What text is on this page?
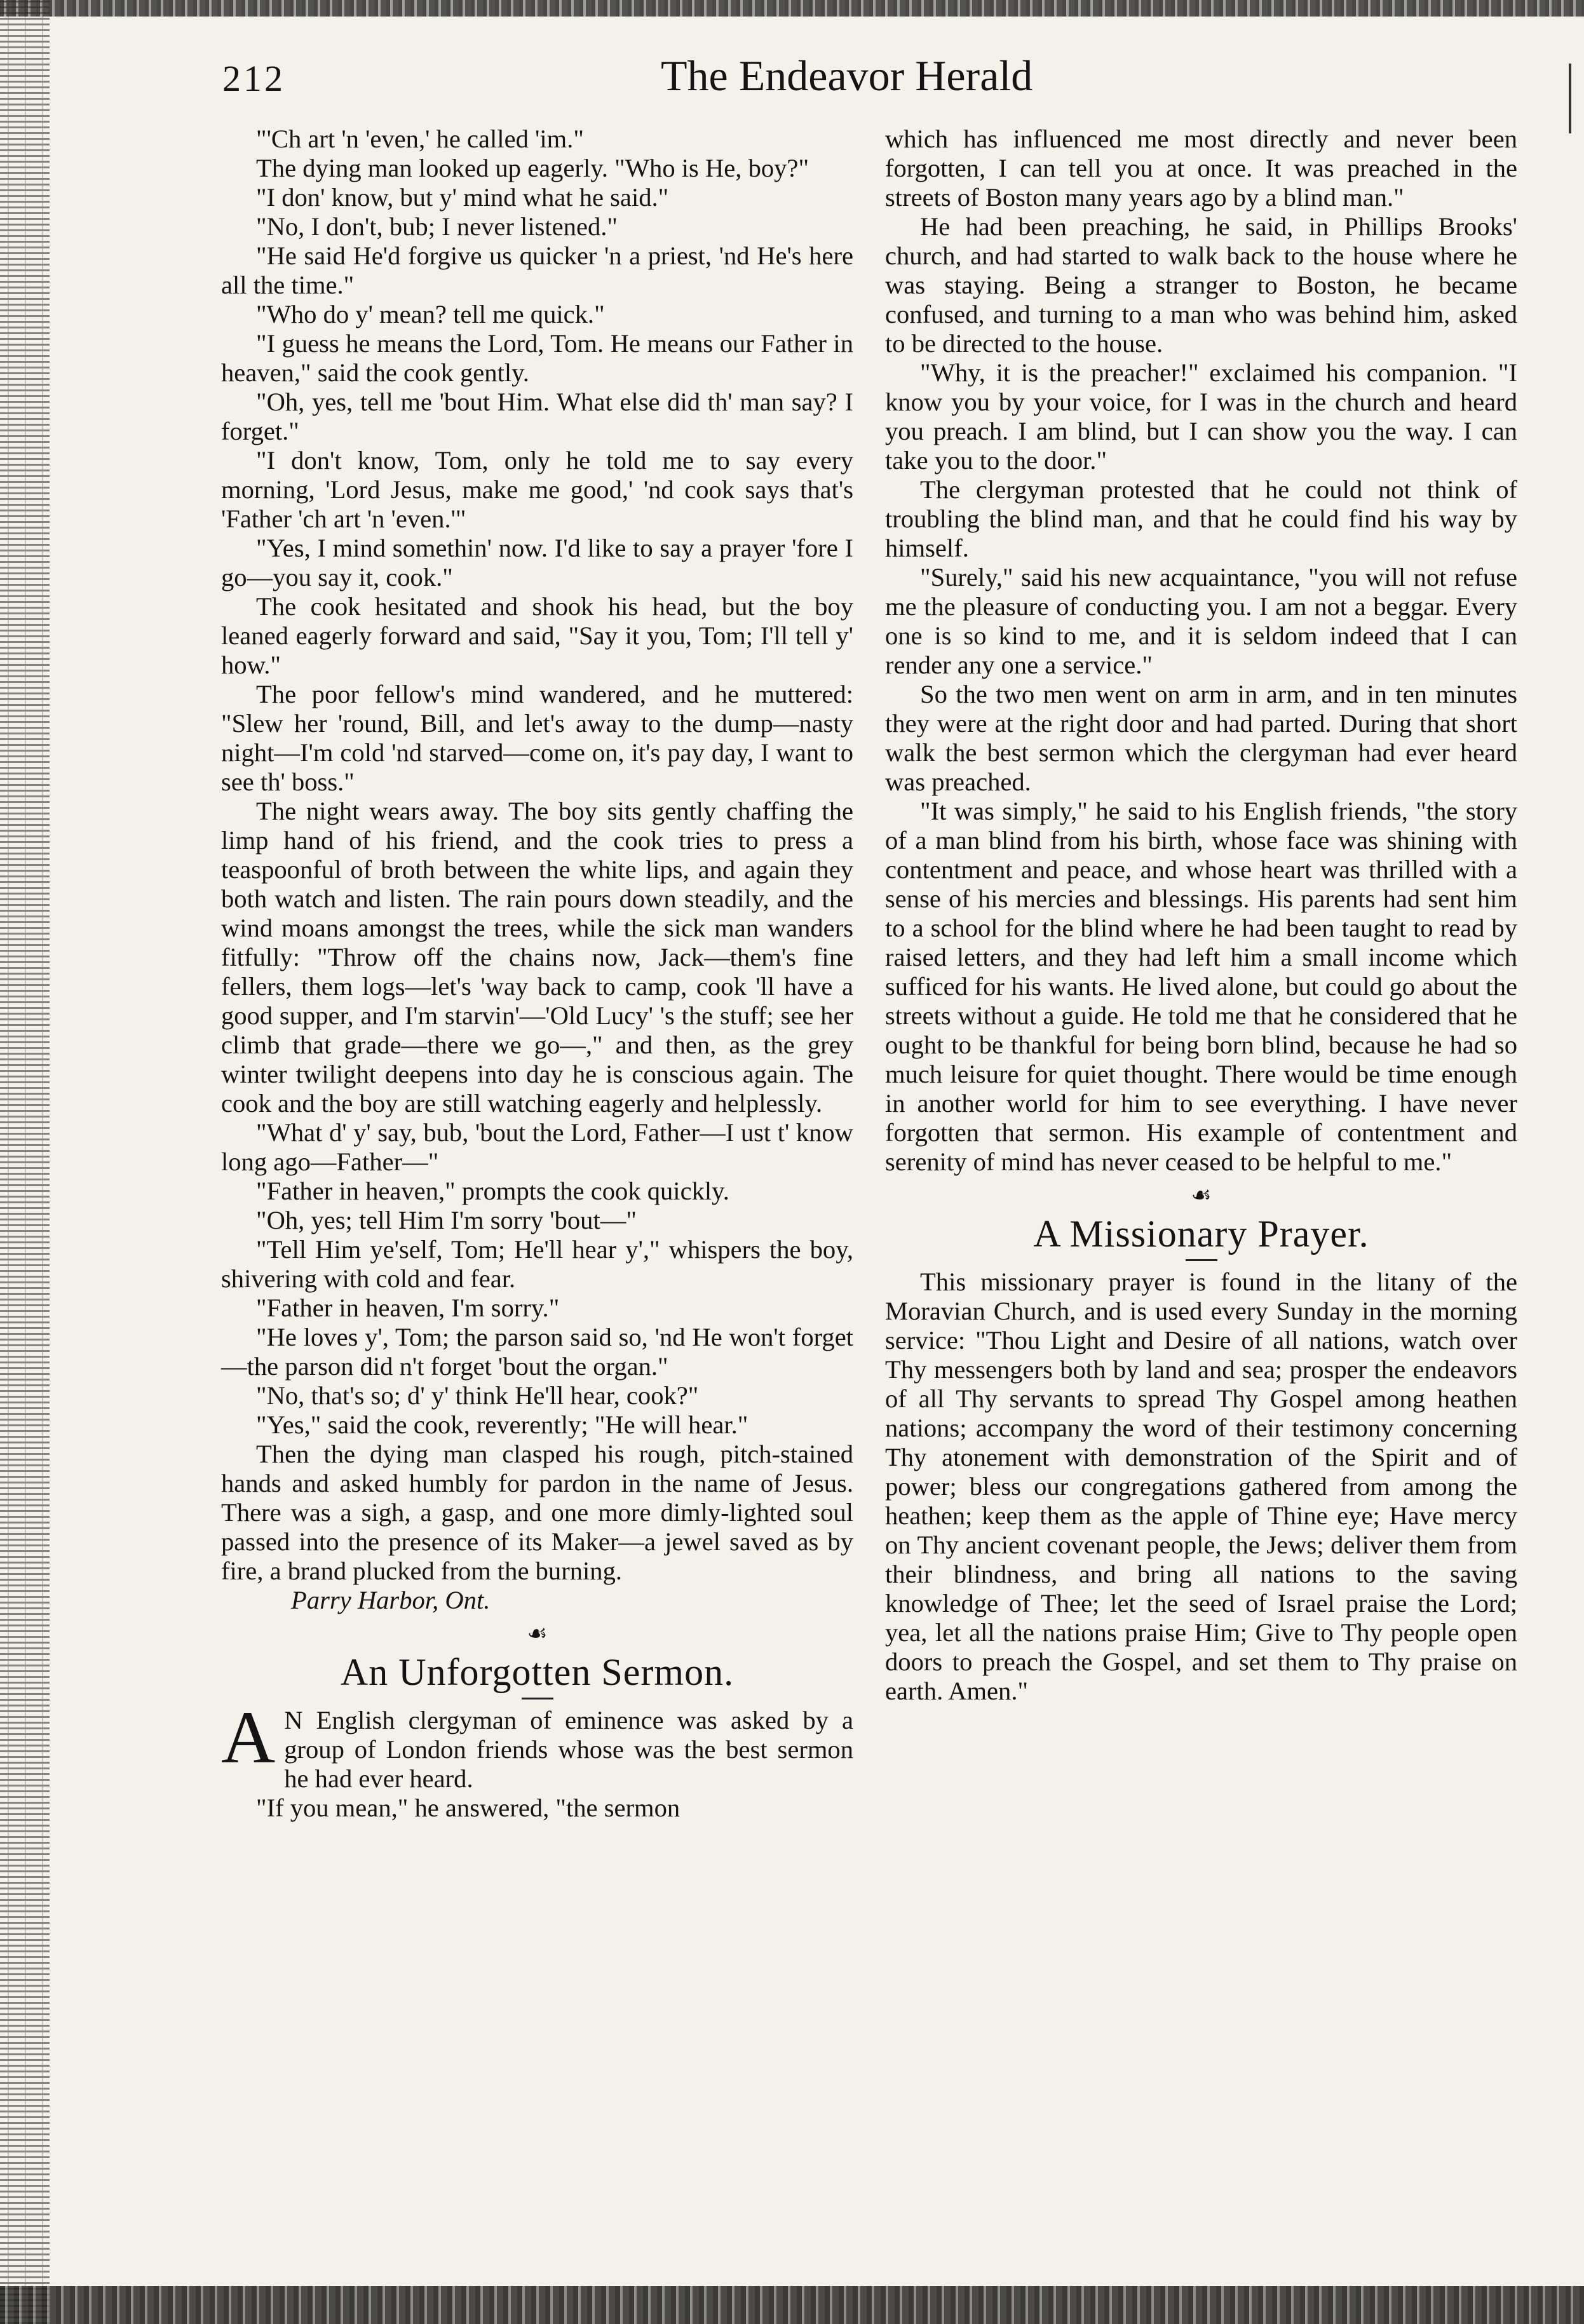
212	The Endeavor Herald

"'Ch art 'n 'even,' he called 'im."

The dying man looked up eagerly. "Who is He, boy?"

"I don' know, but y' mind what he said."

"No, I don't, bub; I never listened."

"He said He'd forgive us quicker 'n a priest, 'nd He's here all the time."

"Who do y' mean? tell me quick."

"I guess he means the Lord, Tom. He means our Father in heaven," said the cook gently.

"Oh, yes, tell me 'bout Him. What else did th' man say? I forget."

"I don't know, Tom, only he told me to say every morning, 'Lord Jesus, make me good,' 'nd cook says that's 'Father 'ch art 'n 'even.'"

"Yes, I mind somethin' now. I'd like to say a prayer 'fore I go—you say it, cook."

The cook hesitated and shook his head, but the boy leaned eagerly forward and said, "Say it you, Tom; I'll tell y' how."

The poor fellow's mind wandered, and he muttered: "Slew her 'round, Bill, and let's away to the dump—nasty night—I'm cold 'nd starved—come on, it's pay day, I want to see th' boss."

The night wears away. The boy sits gently chaffing the limp hand of his friend, and the cook tries to press a teaspoonful of broth between the white lips, and again they both watch and listen. The rain pours down steadily, and the wind moans amongst the trees, while the sick man wanders fitfully: "Throw off the chains now, Jack—them's fine fellers, them logs—let's 'way back to camp, cook 'll have a good supper, and I'm starvin'—'Old Lucy' 's the stuff; see her climb that grade—there we go—," and then, as the grey winter twilight deepens into day he is conscious again. The cook and the boy are still watching eagerly and helplessly.

"What d' y' say, bub, 'bout the Lord, Father—I ust t' know long ago—Father—"

"Father in heaven," prompts the cook quickly.

"Oh, yes; tell Him I'm sorry 'bout—"

"Tell Him ye'self, Tom; He'll hear y'," whispers the boy, shivering with cold and fear.

"Father in heaven, I'm sorry."

"He loves y', Tom; the parson said so, 'nd He won't forget—the parson did n't forget 'bout the organ."

"No, that's so; d' y' think He'll hear, cook?"

"Yes," said the cook, reverently; "He will hear."

Then the dying man clasped his rough, pitch-stained hands and asked humbly for pardon in the name of Jesus. There was a sigh, a gasp, and one more dimly-lighted soul passed into the presence of its Maker—a jewel saved as by fire, a brand plucked from the burning.

Parry Harbor, Ont.

☙
An Unforgotten Sermon.

A N English clergyman of eminence was asked by a group of London friends whose was the best sermon he had ever heard.

"If you mean," he answered, "the sermon

which has influenced me most directly and never been forgotten, I can tell you at once. It was preached in the streets of Boston many years ago by a blind man."

He had been preaching, he said, in Phillips Brooks' church, and had started to walk back to the house where he was staying. Being a stranger to Boston, he became confused, and turning to a man who was behind him, asked to be directed to the house.

"Why, it is the preacher!" exclaimed his companion. "I know you by your voice, for I was in the church and heard you preach. I am blind, but I can show you the way. I can take you to the door."

The clergyman protested that he could not think of troubling the blind man, and that he could find his way by himself.

"Surely," said his new acquaintance, "you will not refuse me the pleasure of conducting you. I am not a beggar. Every one is so kind to me, and it is seldom indeed that I can render any one a service."

So the two men went on arm in arm, and in ten minutes they were at the right door and had parted. During that short walk the best sermon which the clergyman had ever heard was preached.

"It was simply," he said to his English friends, "the story of a man blind from his birth, whose face was shining with contentment and peace, and whose heart was thrilled with a sense of his mercies and blessings. His parents had sent him to a school for the blind where he had been taught to read by raised letters, and they had left him a small income which sufficed for his wants. He lived alone, but could go about the streets without a guide. He told me that he considered that he ought to be thankful for being born blind, because he had so much leisure for quiet thought. There would be time enough in another world for him to see everything. I have never forgotten that sermon. His example of contentment and serenity of mind has never ceased to be helpful to me."

☙
A Missionary Prayer.

This missionary prayer is found in the litany of the Moravian Church, and is used every Sunday in the morning service: "Thou Light and Desire of all nations, watch over Thy messengers both by land and sea; prosper the endeavors of all Thy servants to spread Thy Gospel among heathen nations; accompany the word of their testimony concerning Thy atonement with demonstration of the Spirit and of power; bless our congregations gathered from among the heathen; keep them as the apple of Thine eye; Have mercy on Thy ancient covenant people, the Jews; deliver them from their blindness, and bring all nations to the saving knowledge of Thee; let the seed of Israel praise the Lord; yea, let all the nations praise Him; Give to Thy people open doors to preach the Gospel, and set them to Thy praise on earth. Amen."
